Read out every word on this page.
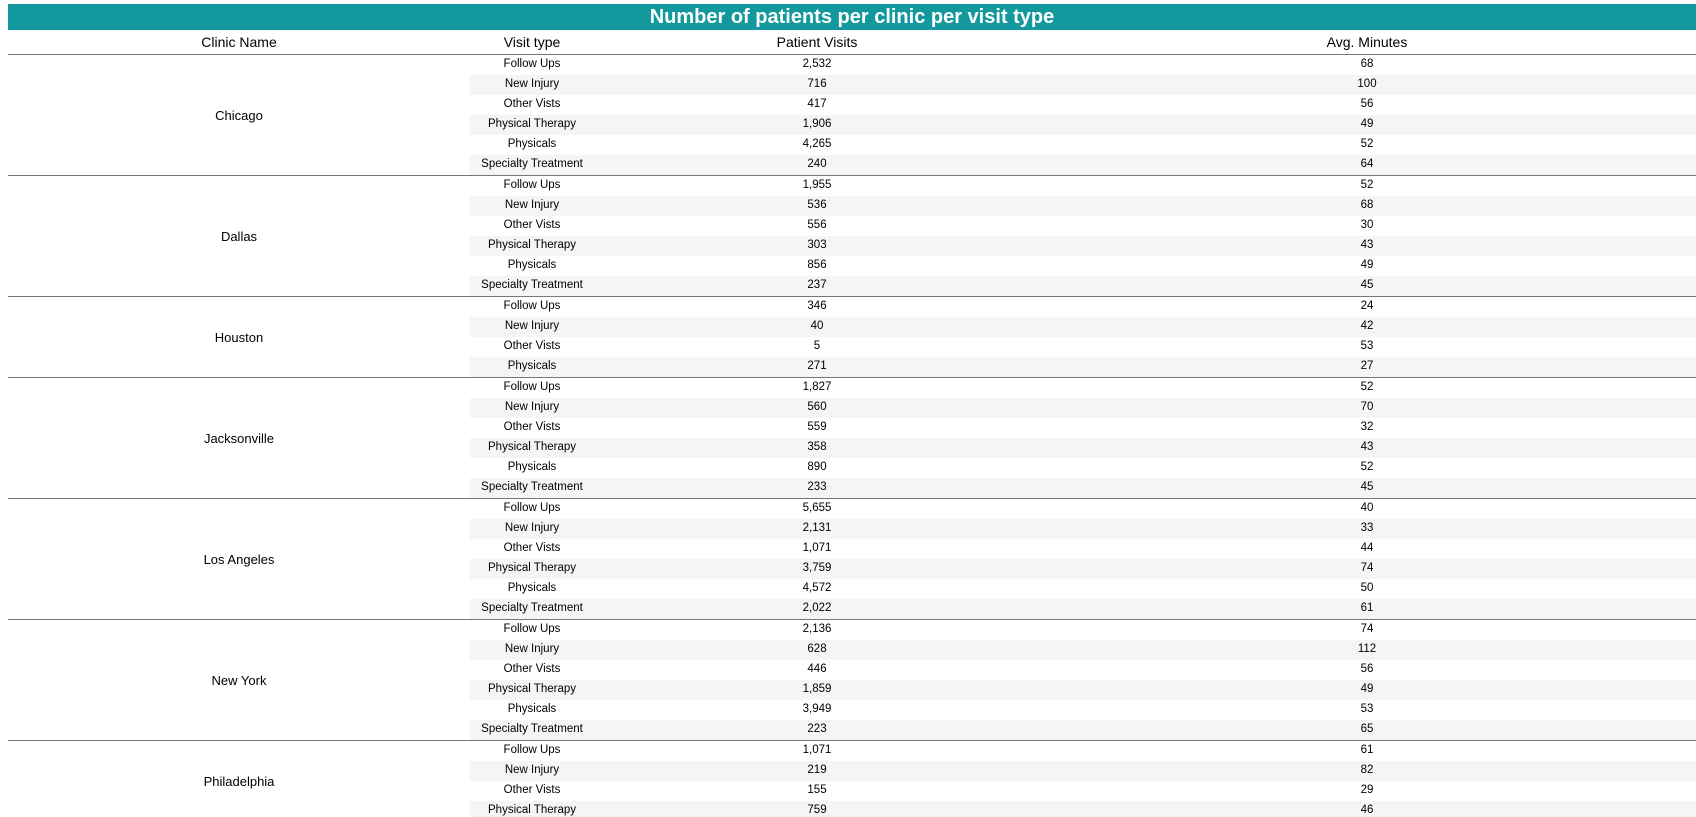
Number of patients per clinic per visit type
Clinic Name	Visit type	Patient Visits	Avg. Minutes
Chicago
Follow Ups	2,532	68
New Injury	716	100
Other Vists	417	56
Physical Therapy	1,906	49
Physicals	4,265	52
Specialty Treatment	240	64
Dallas
Follow Ups	1,955	52
New Injury	536	68
Other Vists	556	30
Physical Therapy	303	43
Physicals	856	49
Specialty Treatment	237	45
Houston
Follow Ups	346	24
New Injury	40	42
Other Vists	5	53
Physicals	271	27
Jacksonville
Follow Ups	1,827	52
New Injury	560	70
Other Vists	559	32
Physical Therapy	358	43
Physicals	890	52
Specialty Treatment	233	45
Los Angeles
Follow Ups	5,655	40
New Injury	2,131	33
Other Vists	1,071	44
Physical Therapy	3,759	74
Physicals	4,572	50
Specialty Treatment	2,022	61
New York
Follow Ups	2,136	74
New Injury	628	112
Other Vists	446	56
Physical Therapy	1,859	49
Physicals	3,949	53
Specialty Treatment	223	65
Philadelphia
Follow Ups	1,071	61
New Injury	219	82
Other Vists	155	29
Physical Therapy	759	46
